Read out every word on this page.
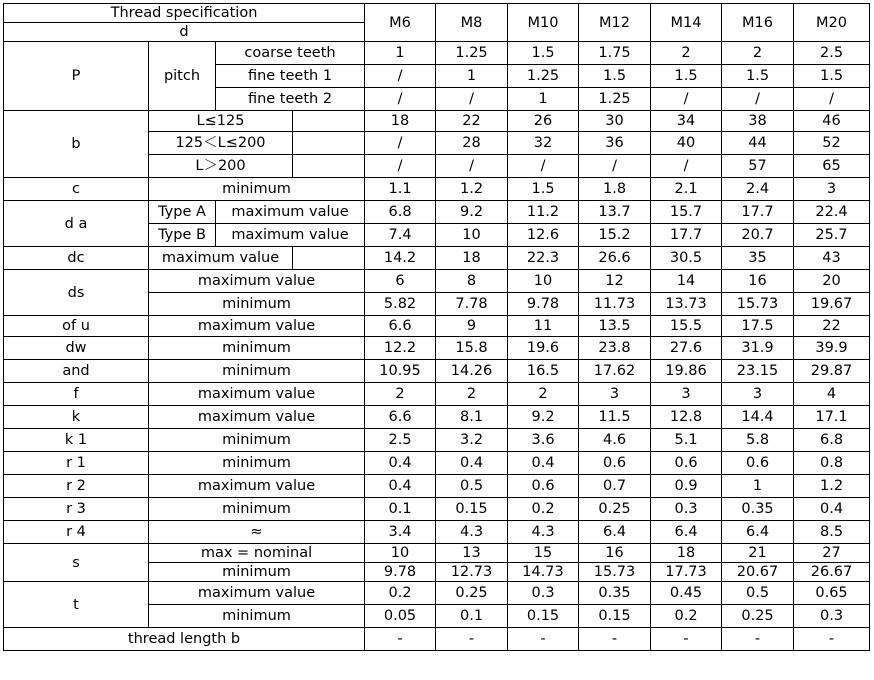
Thread specification				M6	M8	M10	M12	M14	M16	M20
d										
P	pitch	coarse teeth		1	1.25	1.5	1.75	2	2	2.5
		fine teeth 1		/	1	1.25	1.5	1.5	1.5	1.5
		fine teeth 2		/	/	1	1.25	/	/	/
b	L≤125			18	22	26	30	34	38	46
	125＜L≤200			/	28	32	36	40	44	52
	L＞200			/	/	/	/	/	57	65
c	minimum			1.1	1.2	1.5	1.8	2.1	2.4	3
d a	Type A	maximum value		6.8	9.2	11.2	13.7	15.7	17.7	22.4
	Type B	maximum value		7.4	10	12.6	15.2	17.7	20.7	25.7
dc	maximum value			14.2	18	22.3	26.6	30.5	35	43
ds	maximum value			6	8	10	12	14	16	20
	minimum			5.82	7.78	9.78	11.73	13.73	15.73	19.67
of u	maximum value			6.6	9	11	13.5	15.5	17.5	22
dw	minimum			12.2	15.8	19.6	23.8	27.6	31.9	39.9
and	minimum			10.95	14.26	16.5	17.62	19.86	23.15	29.87
f	maximum value			2	2	2	3	3	3	4
k	maximum value			6.6	8.1	9.2	11.5	12.8	14.4	17.1
k 1	minimum			2.5	3.2	3.6	4.6	5.1	5.8	6.8
r 1	minimum			0.4	0.4	0.4	0.6	0.6	0.6	0.8
r 2	maximum value			0.4	0.5	0.6	0.7	0.9	1	1.2
r 3	minimum			0.1	0.15	0.2	0.25	0.3	0.35	0.4
r 4	≈			3.4	4.3	4.3	6.4	6.4	6.4	8.5
s	max = nominal			10	13	15	16	18	21	27
	minimum			9.78	12.73	14.73	15.73	17.73	20.67	26.67
t	maximum value			0.2	0.25	0.3	0.35	0.45	0.5	0.65
	minimum			0.05	0.1	0.15	0.15	0.2	0.25	0.3
thread length b				-	-	-	-	-	-	-
